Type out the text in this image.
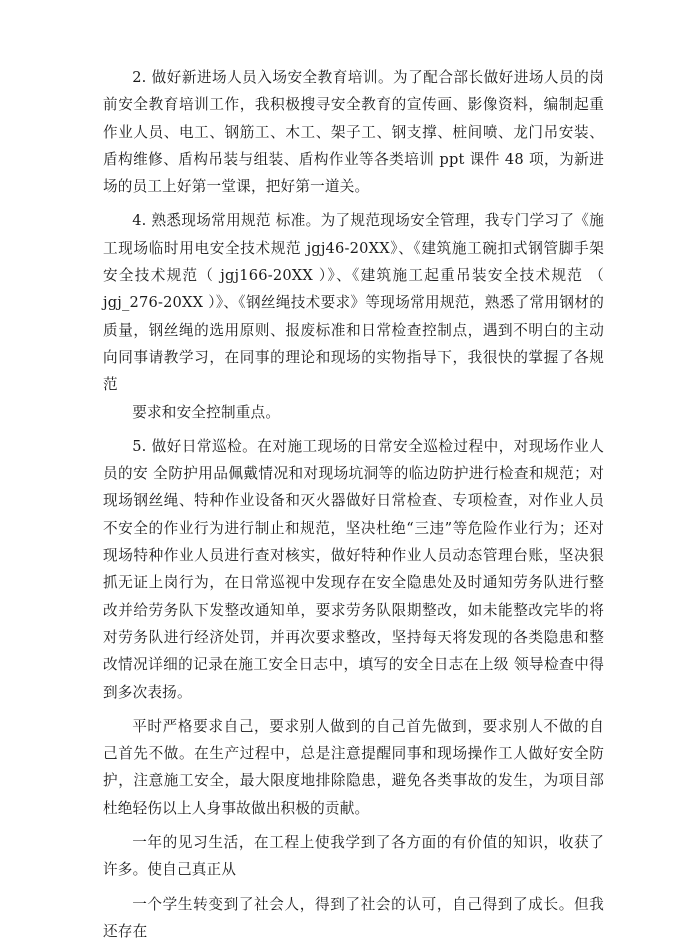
2. 做好新进场人员入场安全教育培训。为了配合部长做好进场人员的岗前安全教育培训工作，我积极搜寻安全教育的宣传画、影像资料，编制起重作业人员、电工、钢筋工、木工、架子工、钢支撑、桩间喷、龙门吊安装、盾构维修、盾构吊装与组装、盾构作业等各类培训 ppt 课件 48 项，为新进场的员工上好第一堂课，把好第一道关。

4. 熟悉现场常用规范 标准。为了规范现场安全管理，我专门学习了《施工现场临时用电安全技术规范 jgj46-20XX》、《建筑施工碗扣式钢管脚手架安全技术规范（ jgj166-20XX ）》、《建筑施工起重吊装安全技术规范 （ jgj_276-20XX ）》、《钢丝绳技术要求》等现场常用规范，熟悉了常用钢材的质量，钢丝绳的选用原则、报废标准和日常检查控制点，遇到不明白的主动向同事请教学习，在同事的理论和现场的实物指导下，我很快的掌握了各规范

要求和安全控制重点。

5. 做好日常巡检。在对施工现场的日常安全巡检过程中，对现场作业人员的安 全防护用品佩戴情况和对现场坑洞等的临边防护进行检查和规范；对现场钢丝绳、特种作业设备和灭火器做好日常检查、专项检查，对作业人员不安全的作业行为进行制止和规范，坚决杜绝“三违”等危险作业行为；还对现场特种作业人员进行查对核实，做好特种作业人员动态管理台账，坚决狠抓无证上岗行为，在日常巡视中发现存在安全隐患处及时通知劳务队进行整改并给劳务队下发整改通知单，要求劳务队限期整改，如未能整改完毕的将对劳务队进行经济处罚，并再次要求整改，坚持每天将发现的各类隐患和整改情况详细的记录在施工安全日志中，填写的安全日志在上级 领导检查中得到多次表扬。

平时严格要求自己，要求别人做到的自己首先做到，要求别人不做的自己首先不做。在生产过程中，总是注意提醒同事和现场操作工人做好安全防护，注意施工安全，最大限度地排除隐患，避免各类事故的发生，为项目部杜绝轻伤以上人身事故做出积极的贡献。

一年的见习生活，在工程上使我学到了各方面的有价值的知识，收获了许多。使自己真正从

一个学生转变到了社会人，得到了社会的认可，自己得到了成长。但我还存在
